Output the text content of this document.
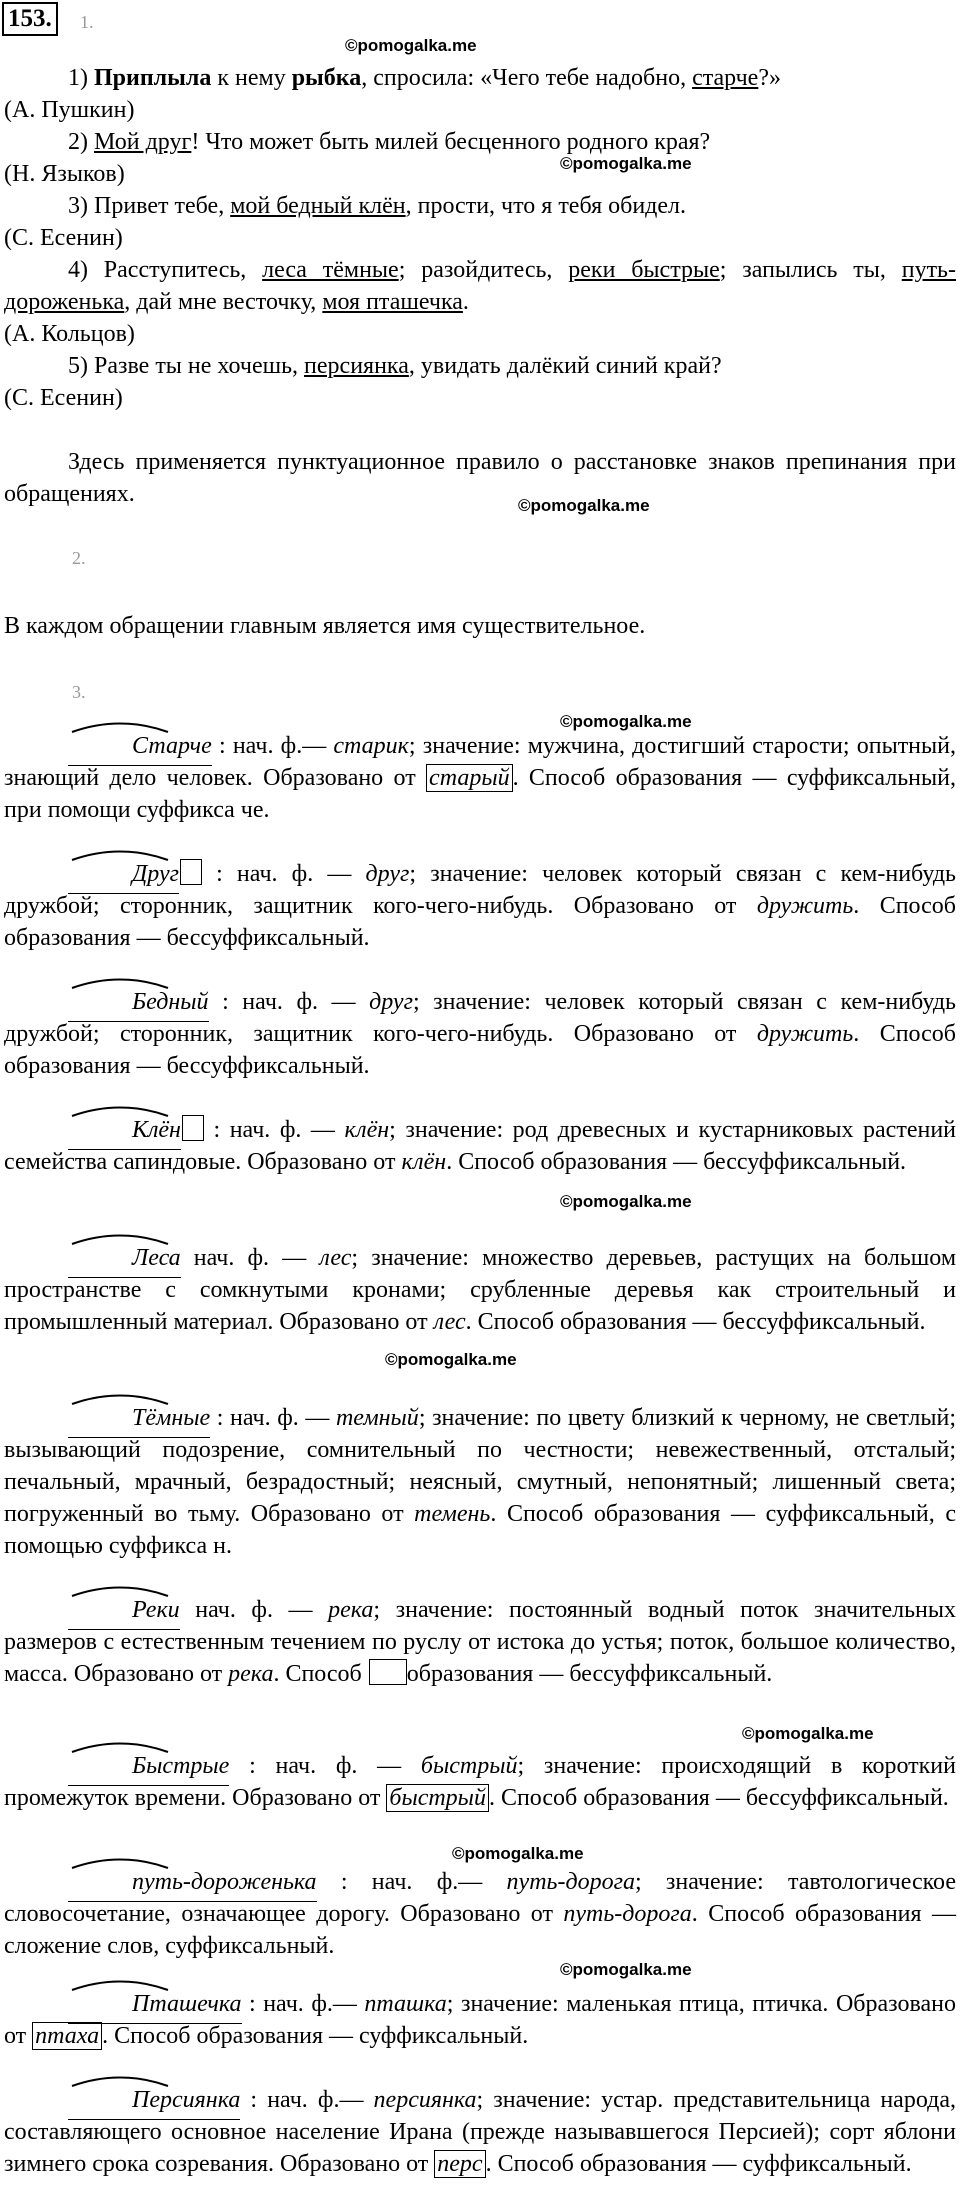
153.	1.
©pomogalka.me

1) Приплыла к нему рыбка, спросила: «Чего тебе надобно, старче?»

(А. Пушкин)

2) Мой друг! Что может быть милей бесценного родного края?

©pomogalka.me

(Н. Языков)

3) Привет тебе, мой бедный клён, прости, что я тебя обидел.

(С. Есенин)

4) Расступитесь, леса тёмные; разойдитесь, реки быстрые; запылись ты, путь-дороженька, дай мне весточку, моя пташечка.

(А. Кольцов)

5) Разве ты не хочешь, персиянка, увидать далёкий синий край?

(С. Есенин)

Здесь применяется пунктуационное правило о расстановке знаков препинания при обращениях.	©pomogalka.me
2.

В каждом обращении главным является имя существительное.

3.
©pomogalka.me

Старче : нач. ф.— старик; значение: мужчина, достигший старости; опытный, знающий дело человек. Образовано от старый . Способ образования — суффиксальный, при помощи суффикса че.

Друг : нач. ф. — друг; значение: человек который связан с кем-нибудь дружбой; сторонник, защитник кого-чего-нибудь. Образовано от дружить. Способ образования — бессуффиксальный.

Бедный : нач. ф. — друг; значение: человек который связан с кем-нибудь дружбой; сторонник, защитник кого-чего-нибудь. Образовано от дружить. Способ образования — бессуффиксальный.

Клён : нач. ф. — клён; значение: род древесных и кустарниковых растений семейства сапиндовые. Образовано от клён. Способ образования — бессуффиксальный.

©pomogalka.me

Леса нач. ф. — лес; значение: множество деревьев, растущих на большом пространстве с сомкнутыми кронами; срубленные деревья как строительный и промышленный материал. Образовано от лес. Способ образования — бессуффиксальный.

©pomogalka.me

Тёмные : нач. ф. — темный; значение: по цвету близкий к черному, не светлый; вызывающий подозрение, сомнительный по честности; невежественный, отсталый; печальный, мрачный, безрадостный; неясный, смутный, непонятный; лишенный света; погруженный во тьму. Образовано от темень. Способ образования — суффиксальный, с помощью суффикса н.

Реки нач. ф. — река; значение: постоянный водный поток значительных размеров с естественным течением по руслу от истока до устья; поток, большое количество, масса. Образовано от река. Способ образования — бессуффиксальный.

©pomogalka.me

Быстрые : нач. ф. — быстрый; значение: происходящий в короткий промежуток времени. Образовано от быстрый . Способ образования — бессуффиксальный.

©pomogalka.me

путь-дороженька : нач. ф.— путь-дорога; значение: тавтологическое словосочетание, означающее дорогу. Образовано от путь-дорога. Способ образования — сложение слов, суффиксальный.

©pomogalka.me

Пташечка : нач. ф.— пташка; значение: маленькая птица, птичка. Образовано от птаха . Способ образования — суффиксальный.

Персиянка : нач. ф.— персиянка; значение: устар. представительница народа, составляющего основное население Ирана (прежде называвшегося Персией); сорт яблони зимнего срока созревания. Образовано от перс . Способ образования — суффиксальный.
